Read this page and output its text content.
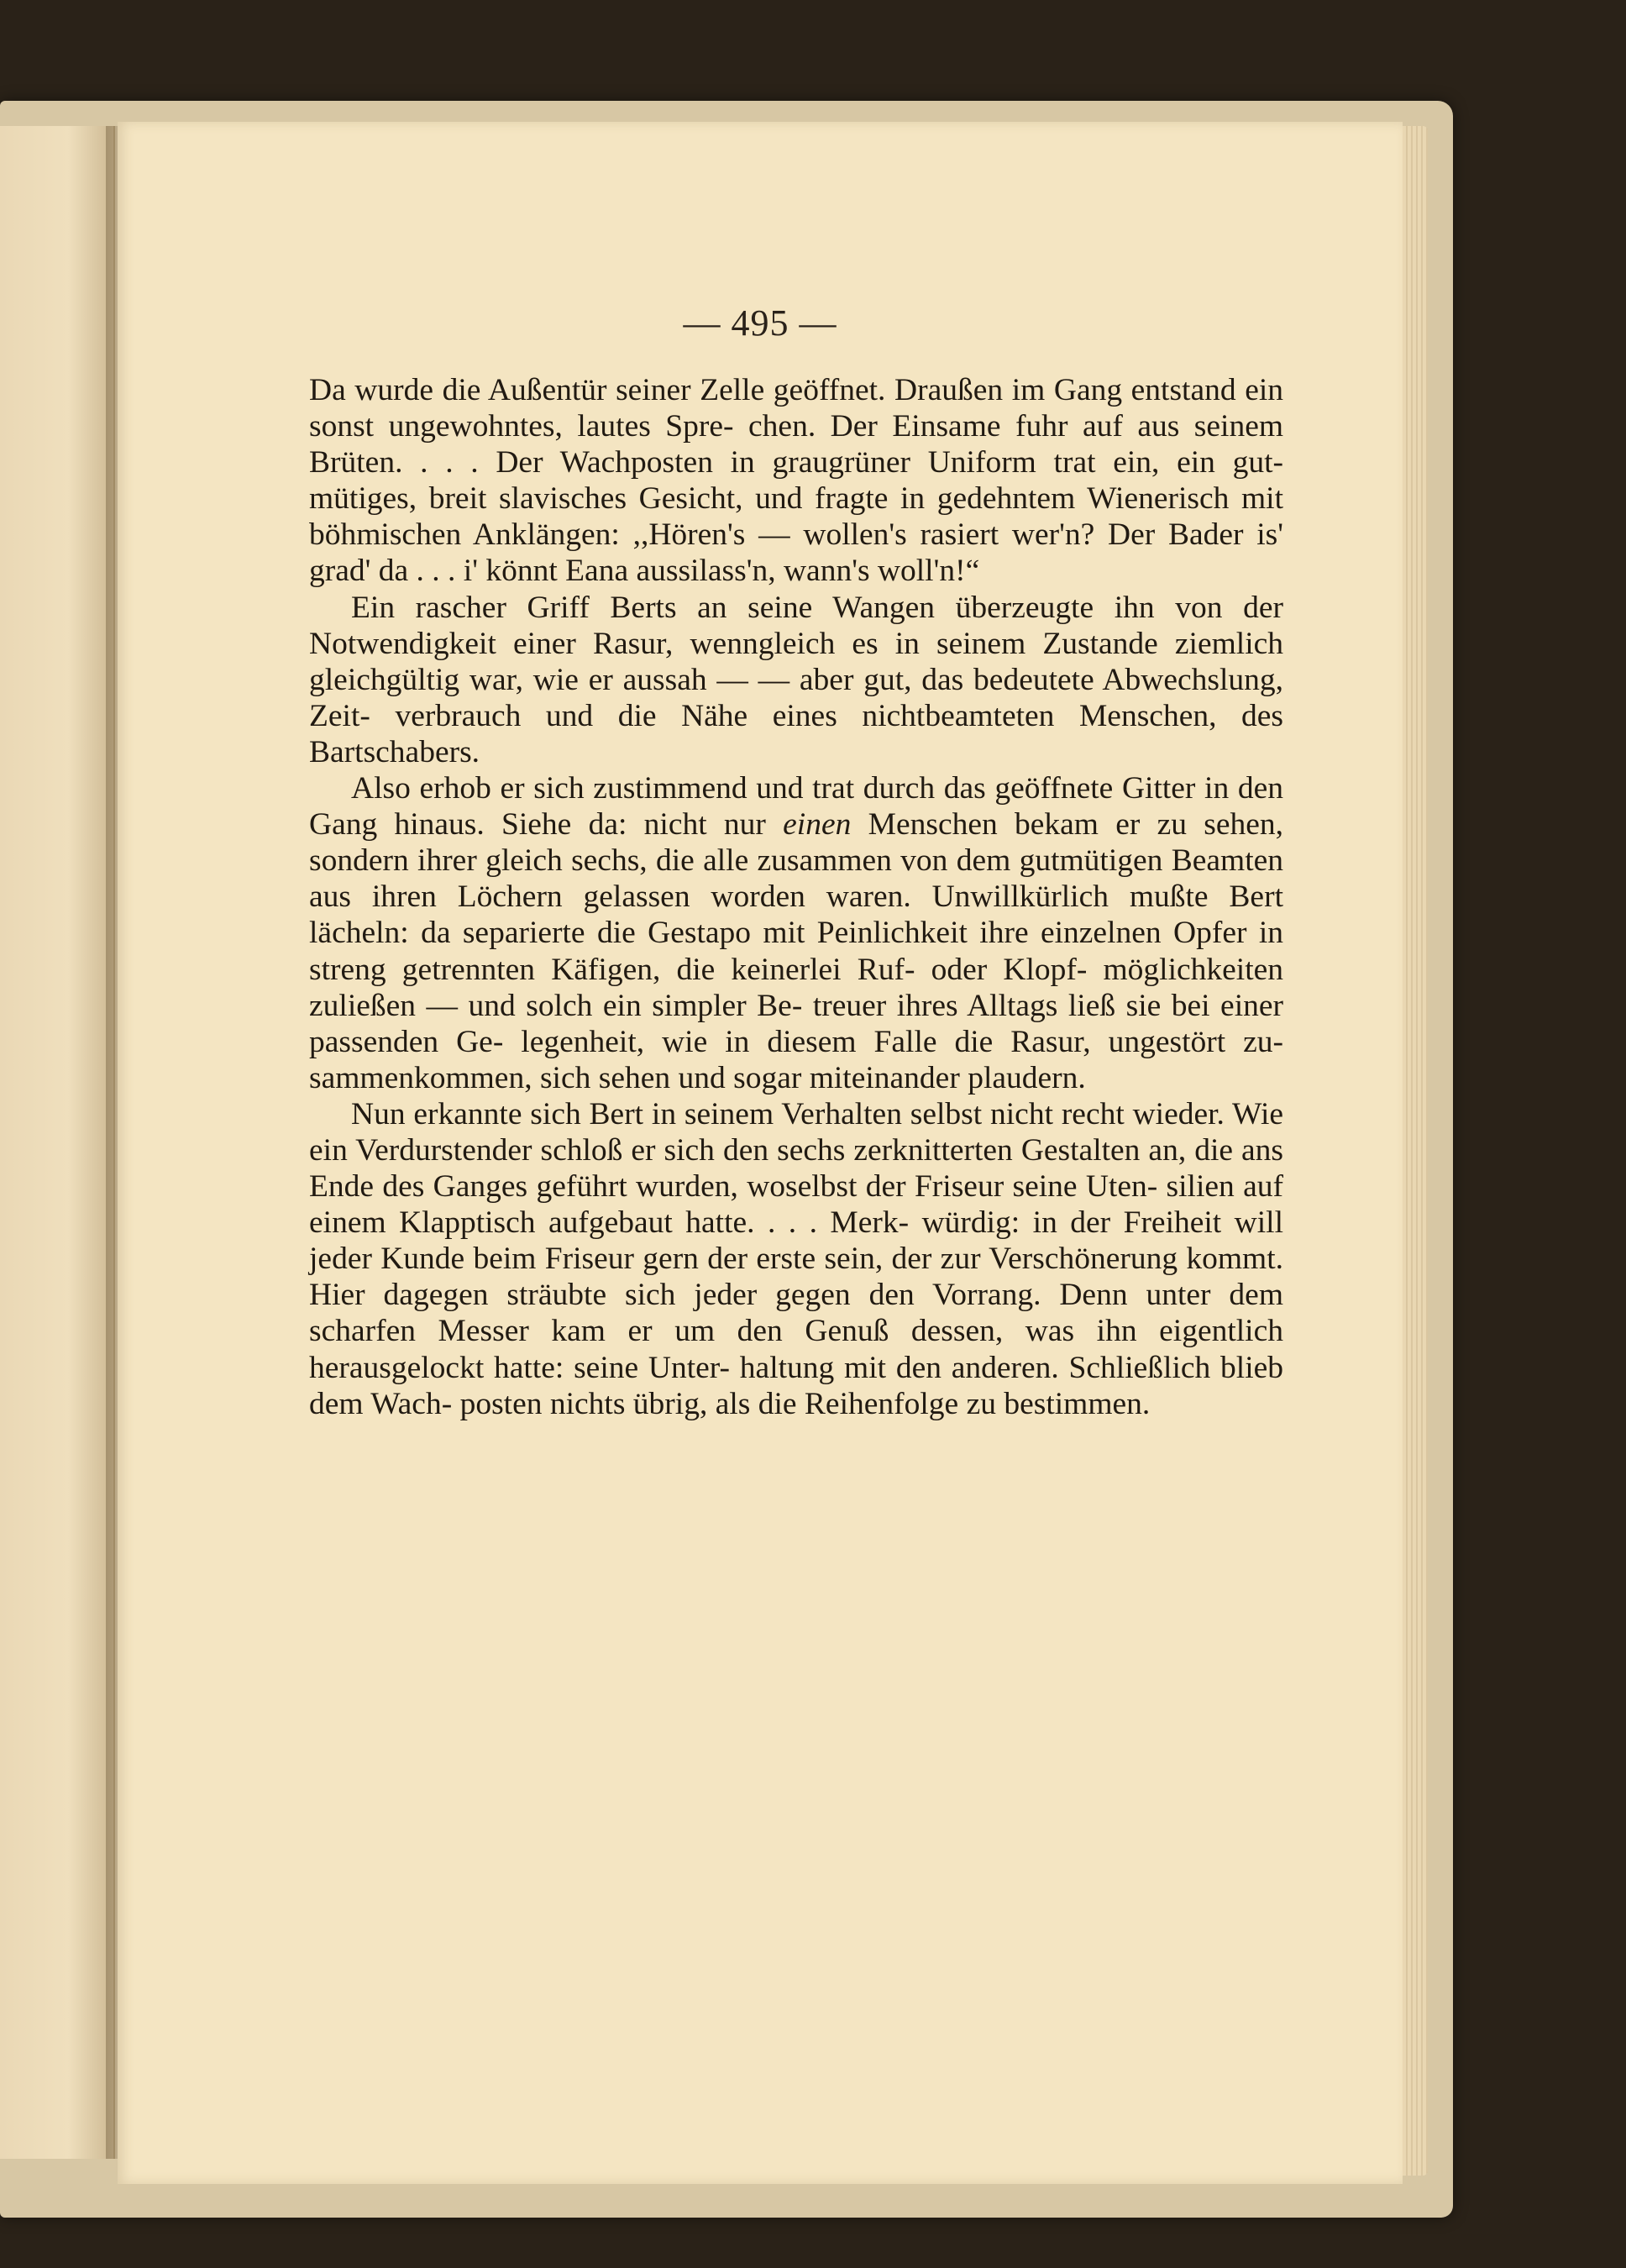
— 495 —

Da wurde die Außentür seiner Zelle geöffnet. Draußen im Gang entstand ein sonst ungewohntes, lautes Spre- chen. Der Einsame fuhr auf aus seinem Brüten. . . . Der Wachposten in graugrüner Uniform trat ein, ein gut- mütiges, breit slavisches Gesicht, und fragte in gedehntem Wienerisch mit böhmischen Anklängen: ,,Hören's — wollen's rasiert wer'n? Der Bader is' grad' da . . . i' könnt Eana aussilass'n, wann's woll'n!“

Ein rascher Griff Berts an seine Wangen überzeugte ihn von der Notwendigkeit einer Rasur, wenngleich es in seinem Zustande ziemlich gleichgültig war, wie er aussah — — aber gut, das bedeutete Abwechslung, Zeit- verbrauch und die Nähe eines nichtbeamteten Menschen, des Bartschabers.

Also erhob er sich zustimmend und trat durch das geöffnete Gitter in den Gang hinaus. Siehe da: nicht nur einen Menschen bekam er zu sehen, sondern ihrer gleich sechs, die alle zusammen von dem gutmütigen Beamten aus ihren Löchern gelassen worden waren. Unwillkürlich mußte Bert lächeln: da separierte die Gestapo mit Peinlichkeit ihre einzelnen Opfer in streng getrennten Käfigen, die keinerlei Ruf- oder Klopf- möglichkeiten zuließen — und solch ein simpler Be- treuer ihres Alltags ließ sie bei einer passenden Ge- legenheit, wie in diesem Falle die Rasur, ungestört zu- sammenkommen, sich sehen und sogar miteinander plaudern.

Nun erkannte sich Bert in seinem Verhalten selbst nicht recht wieder. Wie ein Verdurstender schloß er sich den sechs zerknitterten Gestalten an, die ans Ende des Ganges geführt wurden, woselbst der Friseur seine Uten- silien auf einem Klapptisch aufgebaut hatte. . . . Merk- würdig: in der Freiheit will jeder Kunde beim Friseur gern der erste sein, der zur Verschönerung kommt. Hier dagegen sträubte sich jeder gegen den Vorrang. Denn unter dem scharfen Messer kam er um den Genuß dessen, was ihn eigentlich herausgelockt hatte: seine Unter- haltung mit den anderen. Schließlich blieb dem Wach- posten nichts übrig, als die Reihenfolge zu bestimmen.
